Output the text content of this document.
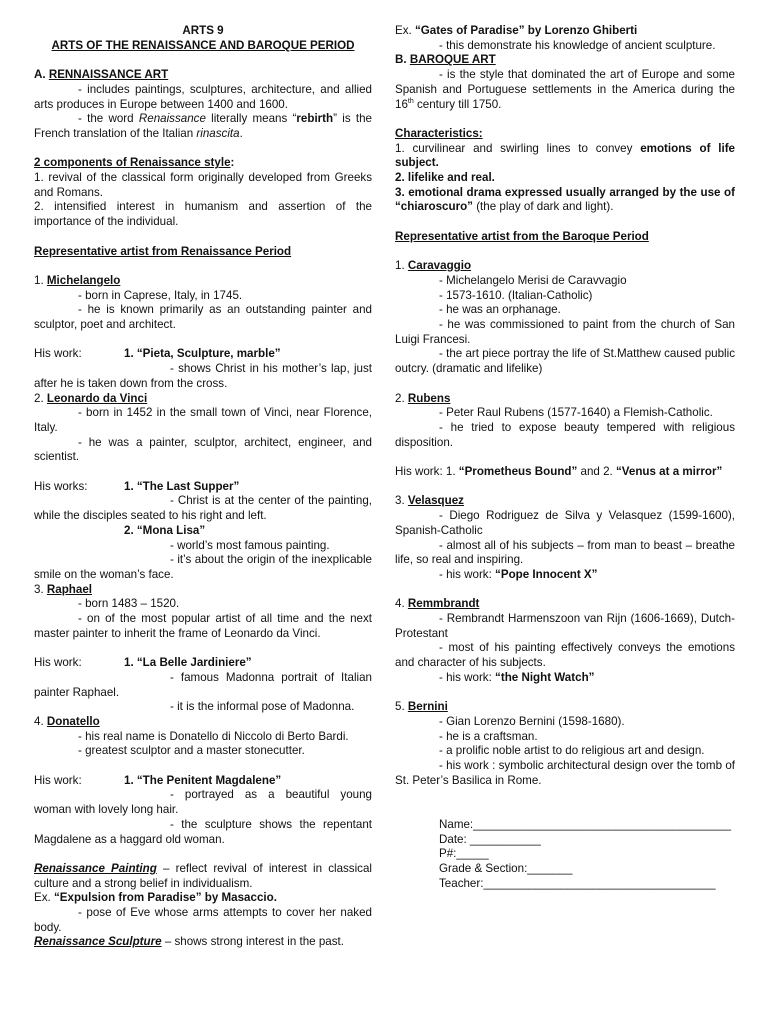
ARTS 9

ARTS OF THE RENAISSANCE AND BAROQUE PERIOD

A. RENNAISSANCE ART

- includes paintings, sculptures, architecture, and allied arts produces in Europe between 1400 and 1600.

- the word Renaissance literally means “rebirth” is the French translation of the Italian rinascita.

2 components of Renaissance style:

1. revival of the classical form originally developed from Greeks and Romans.

2. intensified interest in humanism and assertion of the importance of the individual.

Representative artist from Renaissance Period

1. Michelangelo

- born in Caprese, Italy, in 1745.

- he is known primarily as an outstanding painter and sculptor, poet and architect.

His work:	1. “Pieta, Sculpture, marble”

- shows Christ in his mother’s lap, just after he is taken down from the cross.

2. Leonardo da Vinci

- born in 1452 in the small town of Vinci, near Florence, Italy.

- he was a painter, sculptor, architect, engineer, and scientist.

His works:	1. “The Last Supper”

- Christ is at the center of the painting, while the disciples seated to his right and left.

2. “Mona Lisa”

- world’s most famous painting.

- it’s about the origin of the inexplicable smile on the woman’s face.

3. Raphael

- born 1483 – 1520.

- on of the most popular artist of all time and the next master painter to inherit the frame of Leonardo da Vinci.

His work:	1. “La Belle Jardiniere”

- famous Madonna portrait of Italian painter Raphael.

- it is the informal pose of Madonna.

4. Donatello

- his real name is Donatello di Niccolo di Berto Bardi.

- greatest sculptor and a master stonecutter.

His work:	1. “The Penitent Magdalene”

- portrayed as a beautiful young woman with lovely long hair.

- the sculpture shows the repentant Magdalene as a haggard old woman.

Renaissance Painting – reflect revival of interest in classical culture and a strong belief in individualism.

Ex. “Expulsion from Paradise” by Masaccio.

- pose of Eve whose arms attempts to cover her naked body.

Renaissance Sculpture – shows strong interest in the past.

Ex. “Gates of Paradise” by Lorenzo Ghiberti

- this demonstrate his knowledge of ancient sculpture.

B. BAROQUE ART

- is the style that dominated the art of Europe and some Spanish and Portuguese settlements in the America during the 16th century till 1750.

Characteristics:

1. curvilinear and swirling lines to convey emotions of life subject.

2. lifelike and real.

3. emotional drama expressed usually arranged by the use of “chiaroscuro” (the play of dark and light).

Representative artist from the Baroque Period

1. Caravaggio

- Michelangelo Merisi de Caravvagio

- 1573-1610. (Italian-Catholic)

- he was an orphanage.

- he was commissioned to paint from the church of San Luigi Francesi.

- the art piece portray the life of St.Matthew caused public outcry. (dramatic and lifelike)

2. Rubens

- Peter Raul Rubens (1577-1640) a Flemish-Catholic.

- he tried to expose beauty tempered with religious disposition.

His work: 1. “Prometheus Bound” and 2. “Venus at a mirror”

3. Velasquez

- Diego Rodriguez de Silva y Velasquez (1599-1600), Spanish-Catholic

- almost all of his subjects – from man to beast – breathe life, so real and inspiring.

- his work: “Pope Innocent X”

4. Remmbrandt

- Rembrandt Harmenszoon van Rijn (1606-1669), Dutch-Protestant

- most of his painting effectively conveys the emotions and character of his subjects.

- his work: “the Night Watch”

5. Bernini

- Gian Lorenzo Bernini (1598-1680).

- he is a craftsman.

- a prolific noble artist to do religious art and design.

- his work : symbolic architectural design over the tomb of St. Peter’s Basilica in Rome.

Name:________________________________________

Date: ___________

P#:_____

Grade & Section:_______

Teacher:____________________________________
